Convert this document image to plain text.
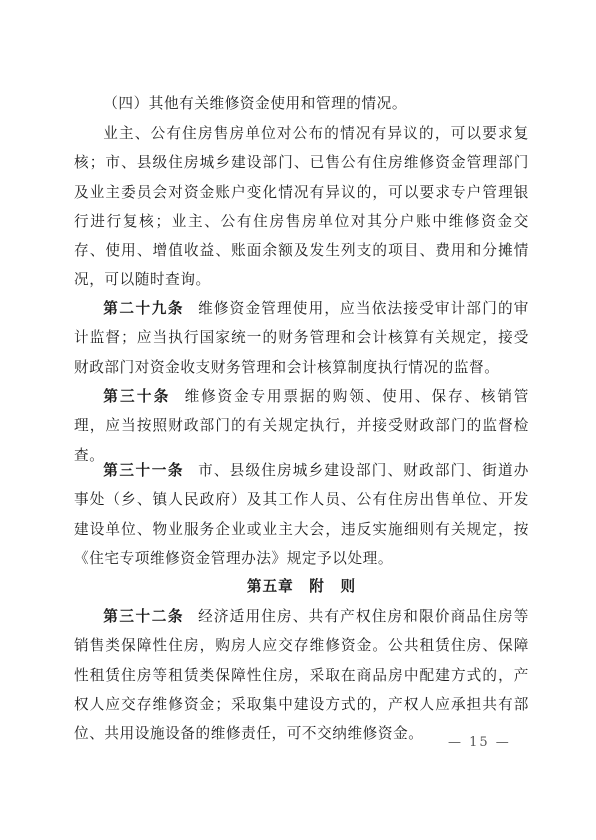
（四）其他有关维修资金使用和管理的情况。

业主、公有住房售房单位对公布的情况有异议的，可以要求复核；市、县级住房城乡建设部门、已售公有住房维修资金管理部门及业主委员会对资金账户变化情况有异议的，可以要求专户管理银行进行复核；业主、公有住房售房单位对其分户账中维修资金交存、使用、增值收益、账面余额及发生列支的项目、费用和分摊情况，可以随时查询。

第二十九条 维修资金管理使用，应当依法接受审计部门的审计监督；应当执行国家统一的财务管理和会计核算有关规定，接受财政部门对资金收支财务管理和会计核算制度执行情况的监督。

第三十条 维修资金专用票据的购领、使用、保存、核销管理，应当按照财政部门的有关规定执行，并接受财政部门的监督检查。

第三十一条 市、县级住房城乡建设部门、财政部门、街道办事处（乡、镇人民政府）及其工作人员、公有住房出售单位、开发建设单位、物业服务企业或业主大会，违反实施细则有关规定，按《住宅专项维修资金管理办法》规定予以处理。

第五章　附　则

第三十二条 经济适用住房、共有产权住房和限价商品住房等销售类保障性住房，购房人应交存维修资金。公共租赁住房、保障性租赁住房等租赁类保障性住房，采取在商品房中配建方式的，产权人应交存维修资金；采取集中建设方式的，产权人应承担共有部位、共用设施设备的维修责任，可不交纳维修资金。

— 15 —
